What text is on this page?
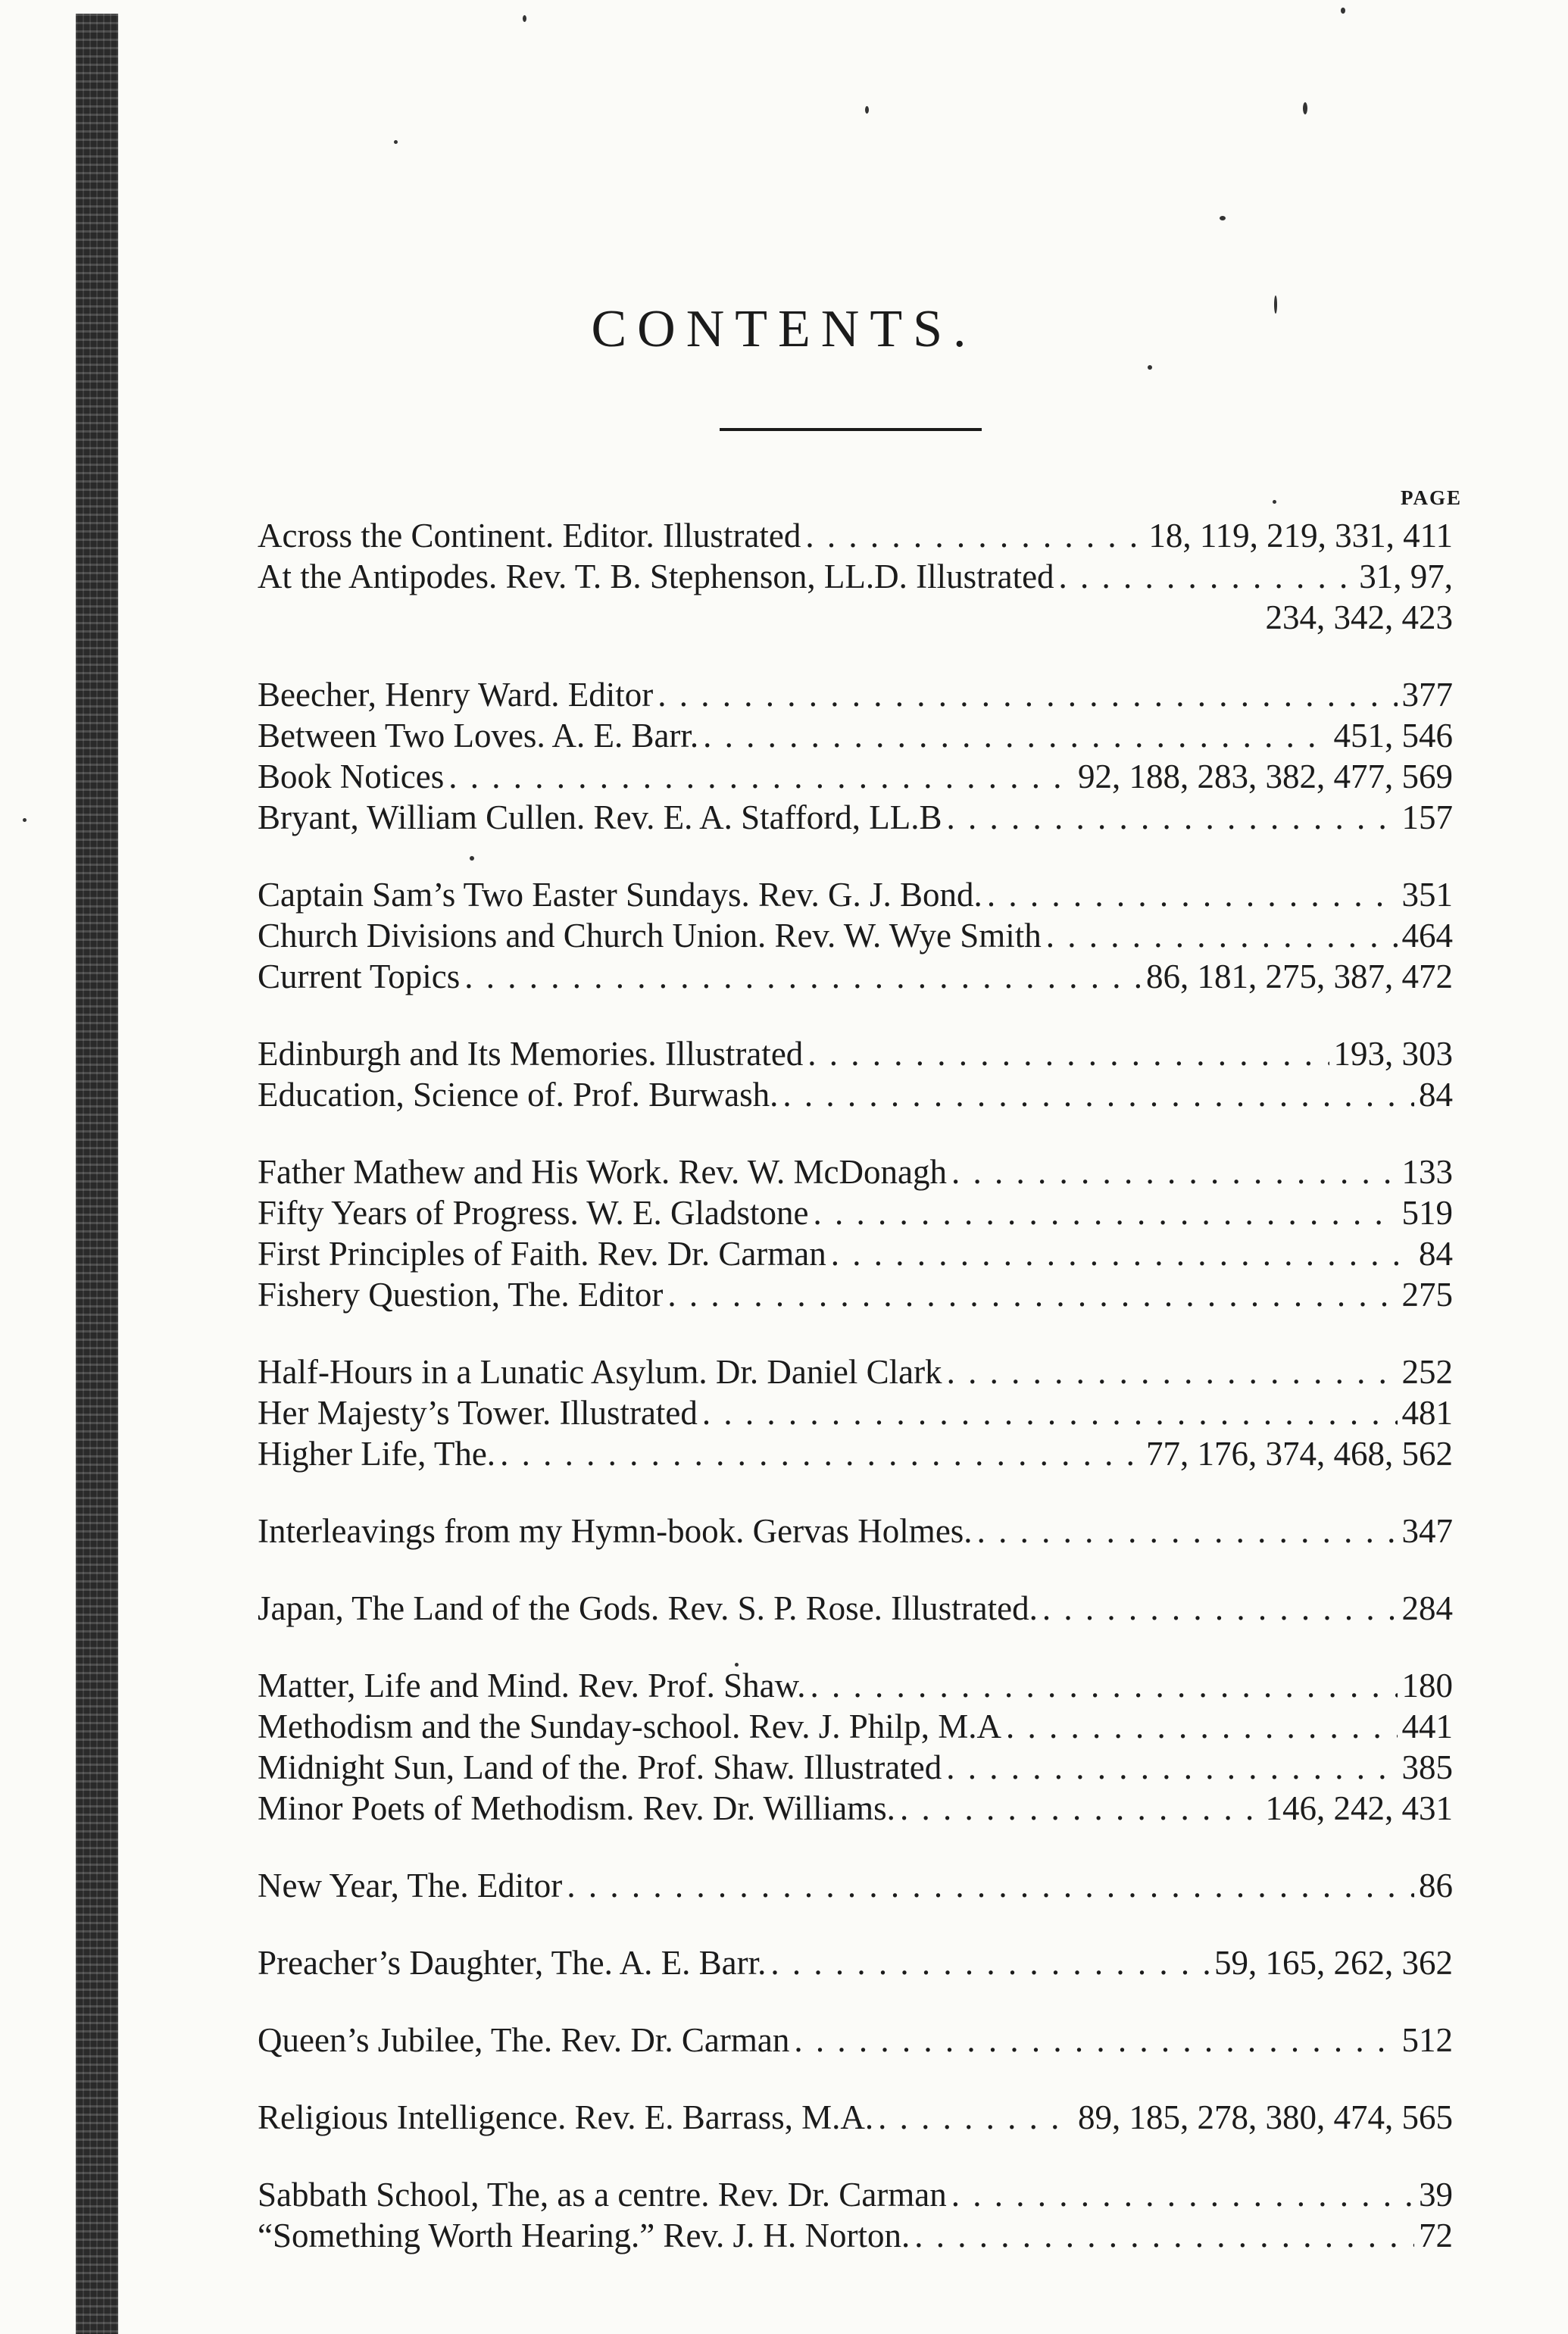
CONTENTS.
PAGE
Across the Continent. Editor. Illustrated . . .	18, 119, 219, 331, 411
At the Antipodes. Rev. T. B. Stephenson, LL.D. Illustrated . . .	31, 97,
234, 342, 423
Beecher, Henry Ward. Editor . . .	377
Between Two Loves. A. E. Barr. . . .	451, 546
Book Notices . . .	92, 188, 283, 382, 477, 569
Bryant, William Cullen. Rev. E. A. Stafford, LL.B . . .	157
Captain Sam’s Two Easter Sundays. Rev. G. J. Bond. . . .	351
Church Divisions and Church Union. Rev. W. Wye Smith . . .	464
Current Topics . . .	86, 181, 275, 387, 472
Edinburgh and Its Memories. Illustrated . . .	193, 303
Education, Science of. Prof. Burwash. . . .	84
Father Mathew and His Work. Rev. W. McDonagh . . .	133
Fifty Years of Progress. W. E. Gladstone . . .	519
First Principles of Faith. Rev. Dr. Carman . . .	84
Fishery Question, The. Editor . . .	275
Half-Hours in a Lunatic Asylum. Dr. Daniel Clark . . .	252
Her Majesty’s Tower. Illustrated . . .	481
Higher Life, The. . . .	77, 176, 374, 468, 562
Interleavings from my Hymn-book. Gervas Holmes. . . .	347
Japan, The Land of the Gods. Rev. S. P. Rose. Illustrated. . . .	284
Matter, Life and Mind. Rev. Prof. Shaw. . . .	180
Methodism and the Sunday-school. Rev. J. Philp, M.A . . .	441
Midnight Sun, Land of the. Prof. Shaw. Illustrated . . .	385
Minor Poets of Methodism. Rev. Dr. Williams. . . .	146, 242, 431
New Year, The. Editor . . .	86
Preacher’s Daughter, The. A. E. Barr. . . .	59, 165, 262, 362
Queen’s Jubilee, The. Rev. Dr. Carman . . .	512
Religious Intelligence. Rev. E. Barrass, M.A. . . .	89, 185, 278, 380, 474, 565
Sabbath School, The, as a centre. Rev. Dr. Carman . . .	39
“Something Worth Hearing.” Rev. J. H. Norton. . . .	72
